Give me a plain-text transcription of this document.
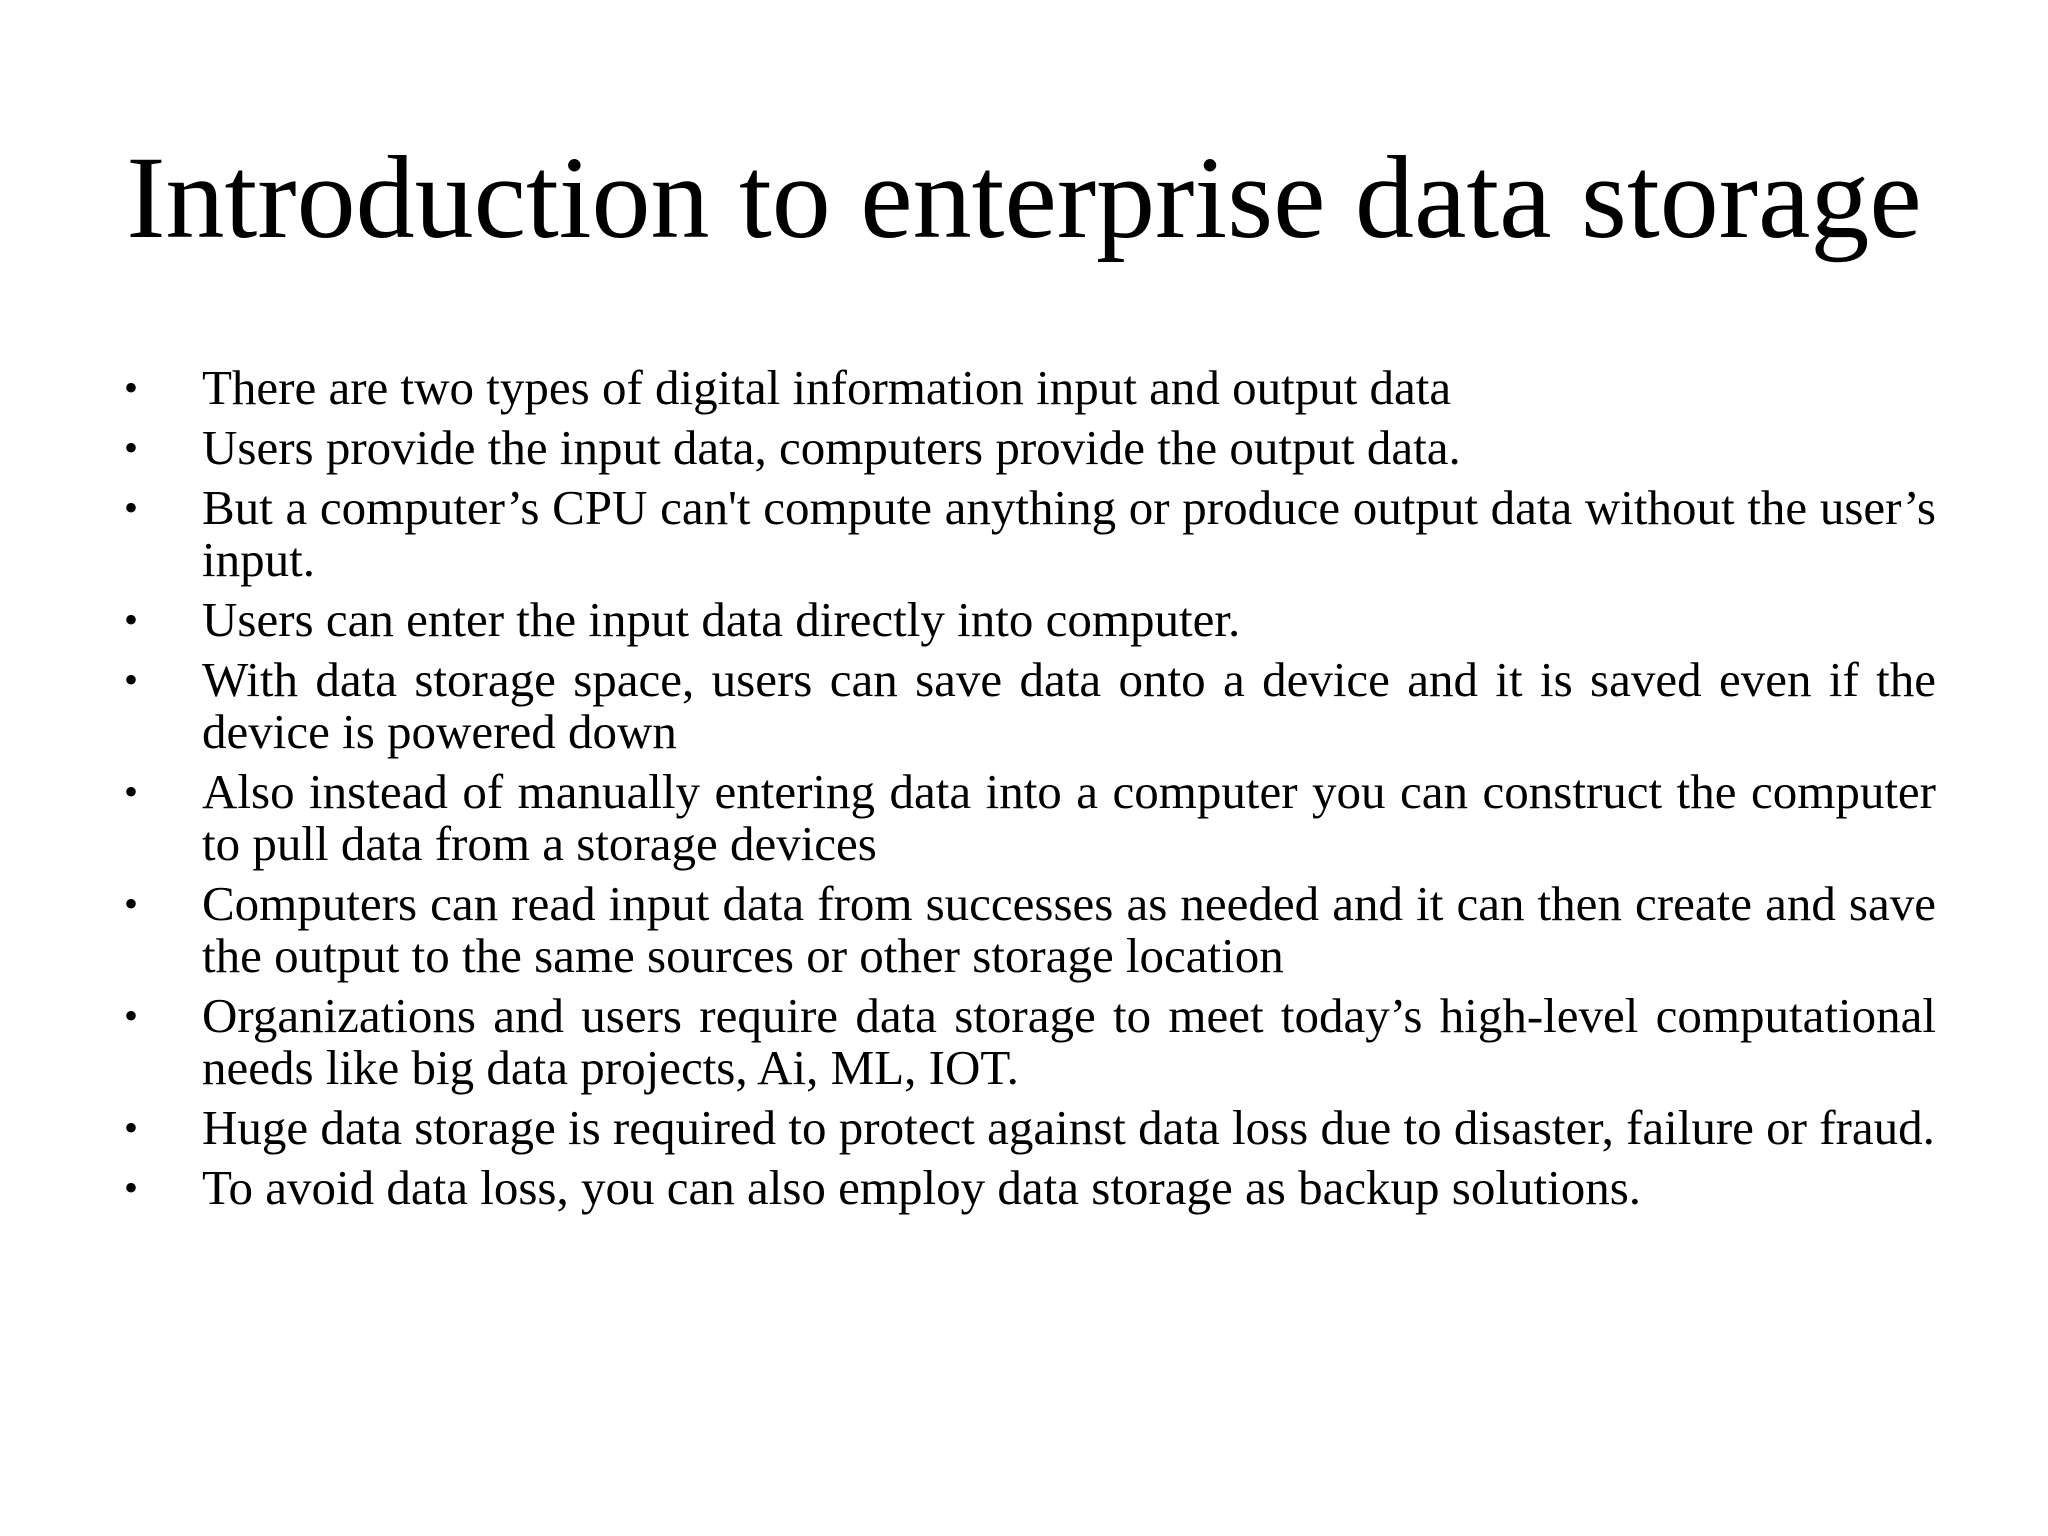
Introduction to enterprise data storage
•	There are two types of digital information input and output data
•	Users provide the input data, computers provide the output data.
•	But a computer’s CPU can't compute anything or produce output data without the user’s input.
•	Users can enter the input data directly into computer.
•	With data storage space, users can save data onto a device and it is saved even if the device is powered down
•	Also instead of manually entering data into a computer you can construct the computer to pull data from a storage devices
•	Computers can read input data from successes as needed and it can then create and save the output to the same sources or other storage location
•	Organizations and users require data storage to meet today’s high-level computational needs like big data projects, Ai, ML, IOT.
•	Huge data storage is required to protect against data loss due to disaster, failure or fraud.
•	To avoid data loss, you can also employ data storage as backup solutions.
